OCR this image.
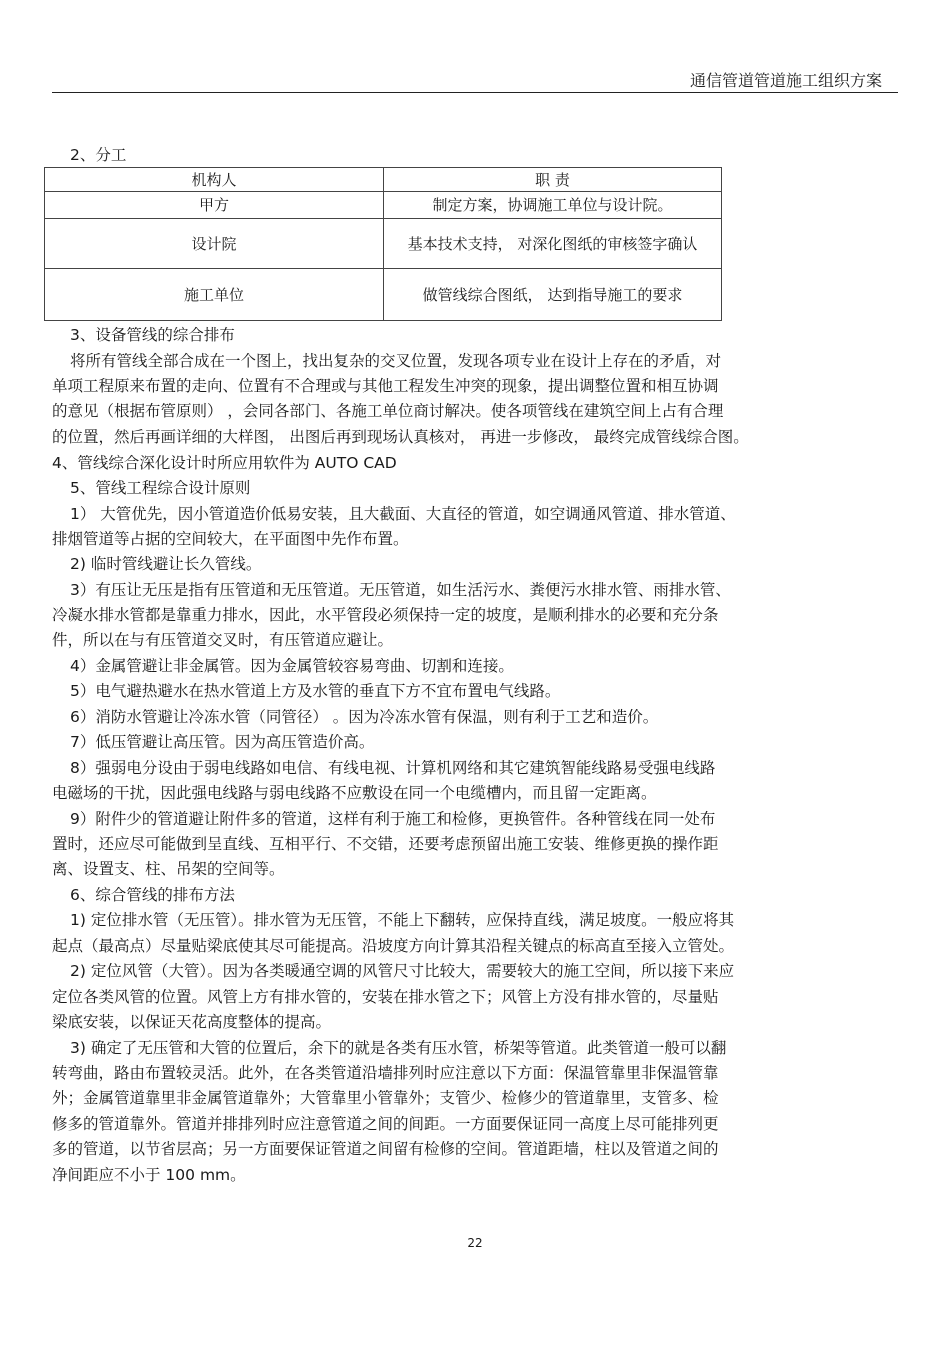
通信管道管道施工组织方案
2、分工
机构人	职 责
甲方	制定方案，协调施工单位与设计院。
设计院	基本技术支持， 对深化图纸的审核签字确认
施工单位	做管线综合图纸， 达到指导施工的要求
3、设备管线的综合排布
将所有管线全部合成在一个图上，找出复杂的交叉位置，发现各项专业在设计上存在的矛盾，对
单项工程原来布置的走向、位置有不合理或与其他工程发生冲突的现象，提出调整位置和相互协调
的意见（根据布管原则） ，会同各部门、各施工单位商讨解决。使各项管线在建筑空间上占有合理
的位置，然后再画详细的大样图， 出图后再到现场认真核对， 再进一步修改， 最终完成管线综合图。
4、管线综合深化设计时所应用软件为 AUTO CAD
5、管线工程综合设计原则
1） 大管优先，因小管道造价低易安装，且大截面、大直径的管道，如空调通风管道、排水管道、
排烟管道等占据的空间较大，在平面图中先作布置。
2) 临时管线避让长久管线。
3）有压让无压是指有压管道和无压管道。无压管道，如生活污水、粪便污水排水管、雨排水管、
冷凝水排水管都是靠重力排水，因此，水平管段必须保持一定的坡度，是顺利排水的必要和充分条
件，所以在与有压管道交叉时，有压管道应避让。
4）金属管避让非金属管。因为金属管较容易弯曲、切割和连接。
5）电气避热避水在热水管道上方及水管的垂直下方不宜布置电气线路。
6）消防水管避让冷冻水管（同管径） 。因为冷冻水管有保温，则有利于工艺和造价。
7）低压管避让高压管。因为高压管造价高。
8）强弱电分设由于弱电线路如电信、有线电视、计算机网络和其它建筑智能线路易受强电线路
电磁场的干扰，因此强电线路与弱电线路不应敷设在同一个电缆槽内，而且留一定距离。
9）附件少的管道避让附件多的管道，这样有利于施工和检修，更换管件。各种管线在同一处布
置时，还应尽可能做到呈直线、互相平行、不交错，还要考虑预留出施工安装、维修更换的操作距
离、设置支、柱、吊架的空间等。
6、综合管线的排布方法
1) 定位排水管（无压管）。排水管为无压管，不能上下翻转，应保持直线，满足坡度。一般应将其
起点（最高点）尽量贴梁底使其尽可能提高。沿坡度方向计算其沿程关键点的标高直至接入立管处。
2) 定位风管（大管）。因为各类暖通空调的风管尺寸比较大，需要较大的施工空间，所以接下来应
定位各类风管的位置。风管上方有排水管的，安装在排水管之下；风管上方没有排水管的，尽量贴
梁底安装，以保证天花高度整体的提高。
3) 确定了无压管和大管的位置后，余下的就是各类有压水管，桥架等管道。此类管道一般可以翻
转弯曲，路由布置较灵活。此外，在各类管道沿墙排列时应注意以下方面：保温管靠里非保温管靠
外；金属管道靠里非金属管道靠外；大管靠里小管靠外；支管少、检修少的管道靠里，支管多、检
修多的管道靠外。管道并排排列时应注意管道之间的间距。一方面要保证同一高度上尽可能排列更
多的管道，以节省层高；另一方面要保证管道之间留有检修的空间。管道距墙，柱以及管道之间的
净间距应不小于 100 mm。
22
